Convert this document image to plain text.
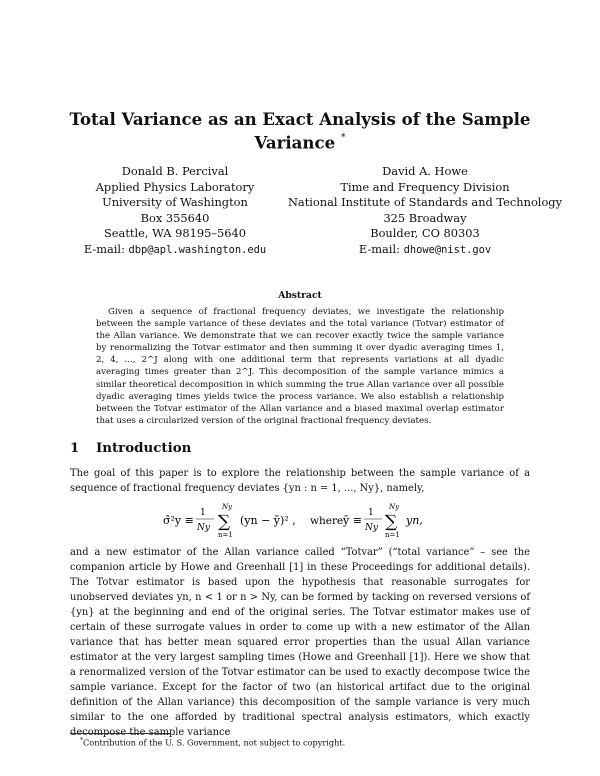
Total Variance as an Exact Analysis of the Sample Variance *
Donald B. Percival
Applied Physics Laboratory
University of Washington
Box 355640
Seattle, WA 98195–5640
E-mail: dbp@apl.washington.edu
David A. Howe
Time and Frequency Division
National Institute of Standards and Technology
325 Broadway
Boulder, CO 80303
E-mail: dhowe@nist.gov
Abstract
Given a sequence of fractional frequency deviates, we investigate the relationship between the sample variance of these deviates and the total variance (Totvar) estimator of the Allan variance. We demonstrate that we can recover exactly twice the sample variance by renormalizing the Totvar estimator and then summing it over dyadic averaging times 1, 2, 4, ..., 2^J along with one additional term that represents variations at all dyadic averaging times greater than 2^J. This decomposition of the sample variance mimics a similar theoretical decomposition in which summing the true Allan variance over all possible dyadic averaging times yields twice the process variance. We also establish a relationship between the Totvar estimator of the Allan variance and a biased maximal overlap estimator that uses a circularized version of the original fractional frequency deviates.
1 Introduction
The goal of this paper is to explore the relationship between the sample variance of a sequence of fractional frequency deviates {yn : n = 1, ..., Ny}, namely,
σ̂²y ≡
1
Ny
Ny
∑
n=1
(yn − ȳ)² , where ȳ ≡
1
Ny
Ny
∑
n=1
yn,
and a new estimator of the Allan variance called “Totvar” (“total variance” – see the companion article by Howe and Greenhall [1] in these Proceedings for additional details). The Totvar estimator is based upon the hypothesis that reasonable surrogates for unobserved deviates yn, n < 1 or n > Ny, can be formed by tacking on reversed versions of {yn} at the beginning and end of the original series. The Totvar estimator makes use of certain of these surrogate values in order to come up with a new estimator of the Allan variance that has better mean squared error properties than the usual Allan variance estimator at the very largest sampling times (Howe and Greenhall [1]). Here we show that a renormalized version of the Totvar estimator can be used to exactly decompose twice the sample variance. Except for the factor of two (an historical artifact due to the original definition of the Allan variance) this decomposition of the sample variance is very much similar to the one afforded by traditional spectral analysis estimators, which exactly decompose the sample variance
*Contribution of the U. S. Government, not subject to copyright.
